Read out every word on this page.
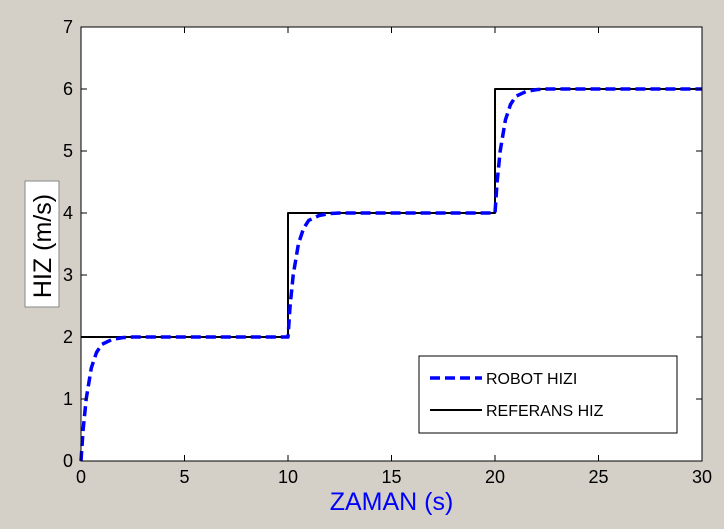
0	5	10	15	20	25	30
0
1
2
3
4
5
6
7
ZAMAN (s)
HIZ (m/s)
ROBOT HIZI
REFERANS HIZ
